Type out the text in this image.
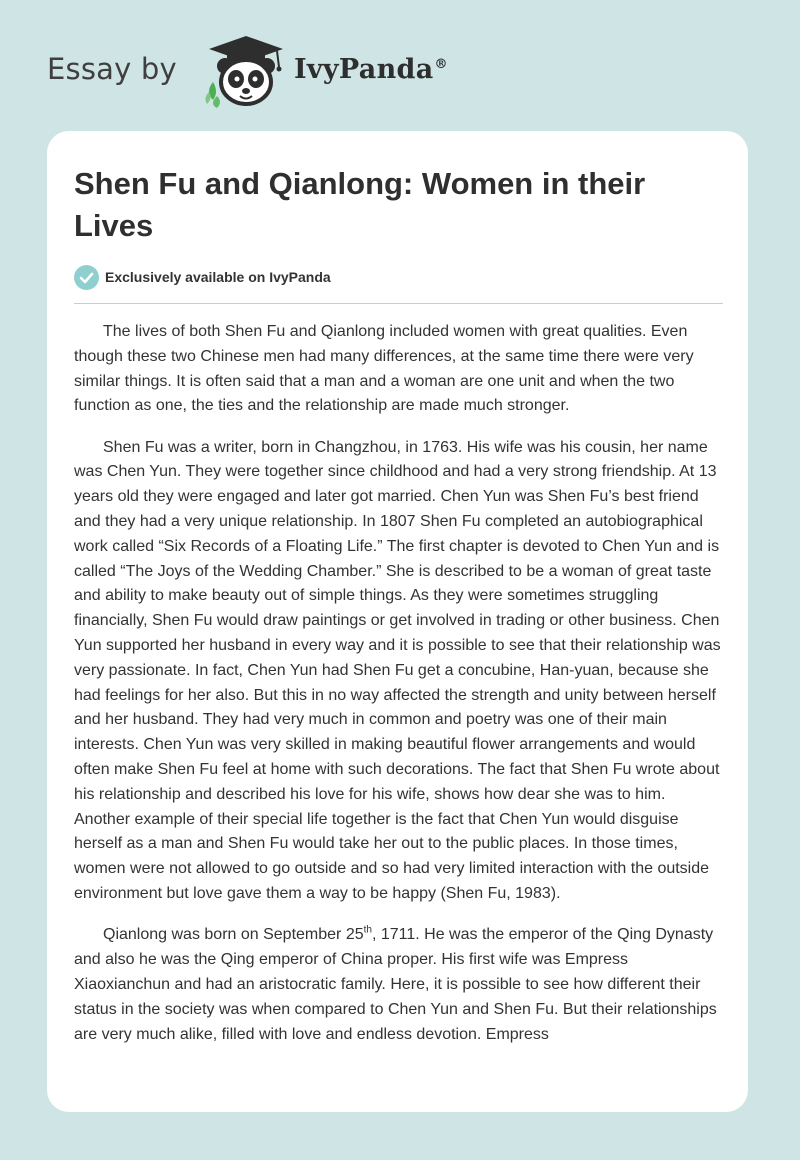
Essay by	IvyPanda®
Shen Fu and Qianlong: Women in their Lives
Exclusively available on IvyPanda

The lives of both Shen Fu and Qianlong included women with great qualities. Even though these two Chinese men had many differences, at the same time there were very similar things. It is often said that a man and a woman are one unit and when the two function as one, the ties and the relationship are made much stronger.

Shen Fu was a writer, born in Changzhou, in 1763. His wife was his cousin, her name was Chen Yun. They were together since childhood and had a very strong friendship. At 13 years old they were engaged and later got married. Chen Yun was Shen Fu’s best friend and they had a very unique relationship. In 1807 Shen Fu completed an autobiographical work called “Six Records of a Floating Life.” The first chapter is devoted to Chen Yun and is called “The Joys of the Wedding Chamber.” She is described to be a woman of great taste and ability to make beauty out of simple things. As they were sometimes struggling financially, Shen Fu would draw paintings or get involved in trading or other business. Chen Yun supported her husband in every way and it is possible to see that their relationship was very passionate. In fact, Chen Yun had Shen Fu get a concubine, Han-yuan, because she had feelings for her also. But this in no way affected the strength and unity between herself and her husband. They had very much in common and poetry was one of their main interests. Chen Yun was very skilled in making beautiful flower arrangements and would often make Shen Fu feel at home with such decorations. The fact that Shen Fu wrote about his relationship and described his love for his wife, shows how dear she was to him. Another example of their special life together is the fact that Chen Yun would disguise herself as a man and Shen Fu would take her out to the public places. In those times, women were not allowed to go outside and so had very limited interaction with the outside environment but love gave them a way to be happy (Shen Fu, 1983).

Qianlong was born on September 25th, 1711. He was the emperor of the Qing Dynasty and also he was the Qing emperor of China proper. His first wife was Empress Xiaoxianchun and had an aristocratic family. Here, it is possible to see how different their status in the society was when compared to Chen Yun and Shen Fu. But their relationships are very much alike, filled with love and endless devotion. Empress
